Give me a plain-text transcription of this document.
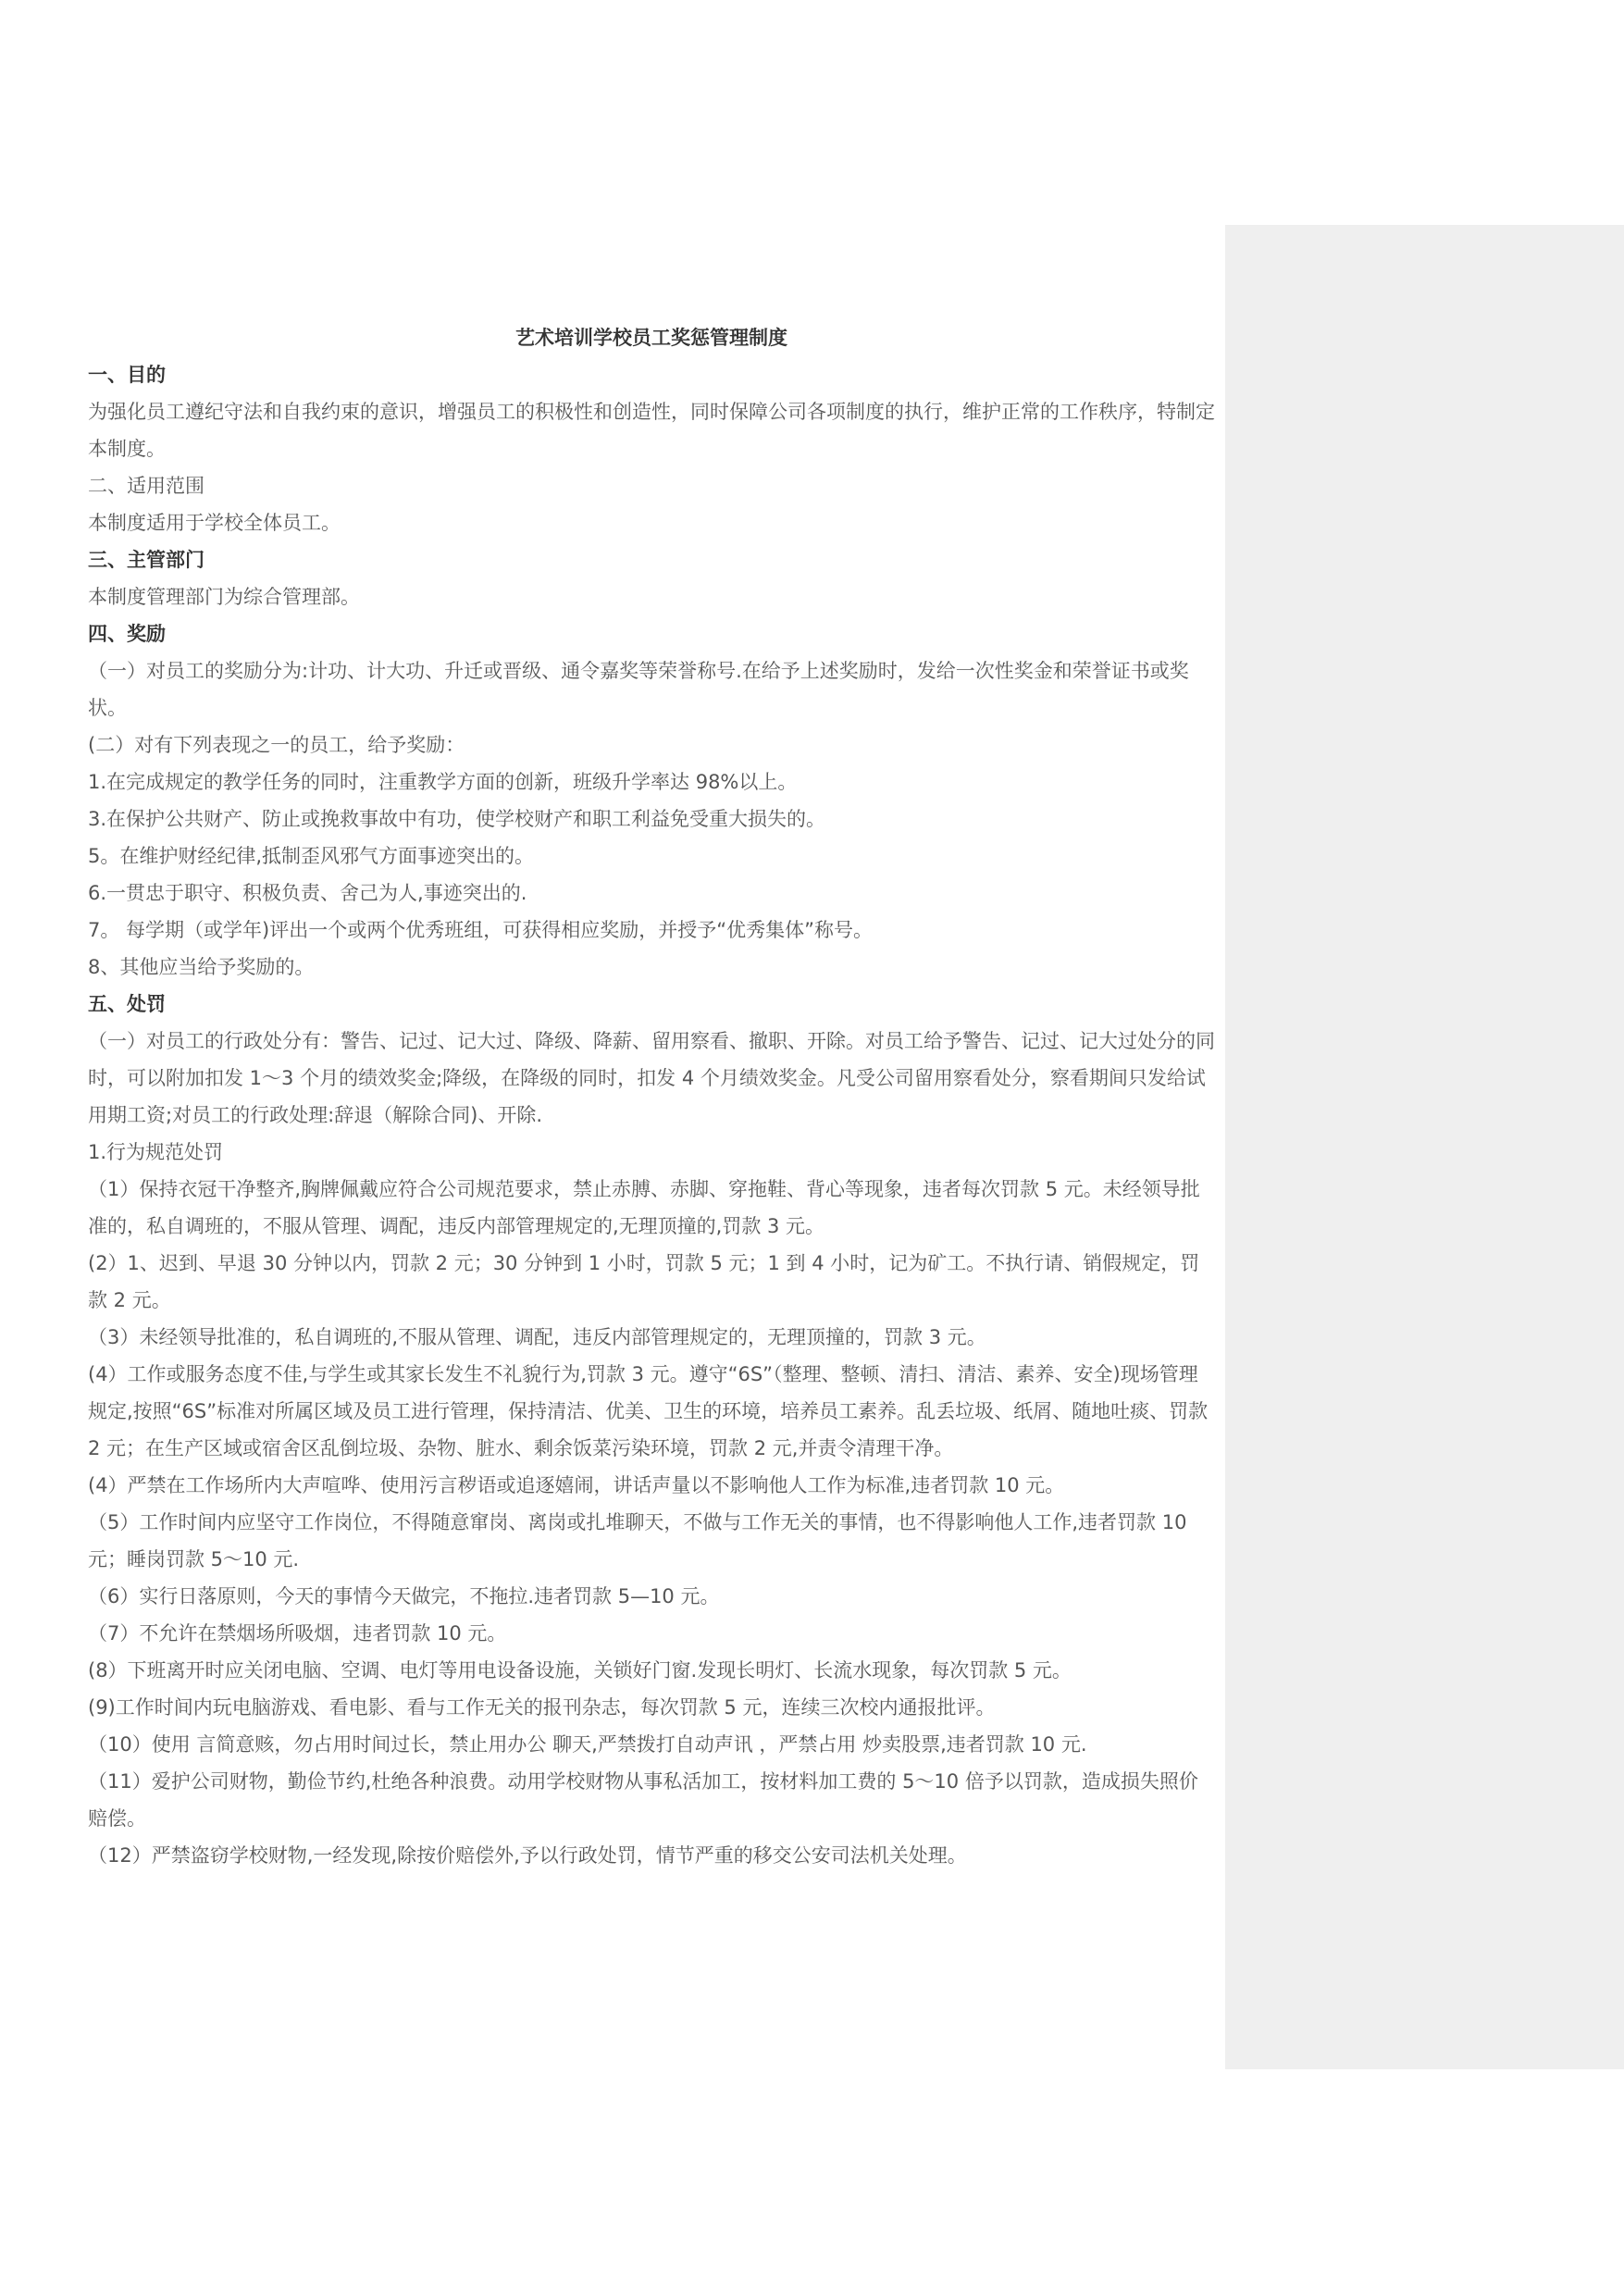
艺术培训学校员工奖惩管理制度

一、目的

为强化员工遵纪守法和自我约束的意识，增强员工的积极性和创造性，同时保障公司各项制度的执行，维护正常的工作秩序，特制定本制度。

二、适用范围

本制度适用于学校全体员工。

三、主管部门

本制度管理部门为综合管理部。

四、奖励

（一）对员工的奖励分为:计功、计大功、升迁或晋级、通令嘉奖等荣誉称号.在给予上述奖励时，发给一次性奖金和荣誉证书或奖状。

(二）对有下列表现之一的员工，给予奖励：

1.在完成规定的教学任务的同时，注重教学方面的创新，班级升学率达 98%以上。

3.在保护公共财产、防止或挽救事故中有功，使学校财产和职工利益免受重大损失的。

5。在维护财经纪律,抵制歪风邪气方面事迹突出的。

6.一贯忠于职守、积极负责、舍己为人,事迹突出的.

7。 每学期（或学年)评出一个或两个优秀班组，可获得相应奖励，并授予“优秀集体”称号。

8、其他应当给予奖励的。

五、处罚

（一）对员工的行政处分有：警告、记过、记大过、降级、降薪、留用察看、撤职、开除。对员工给予警告、记过、记大过处分的同时，可以附加扣发 1～3 个月的绩效奖金;降级，在降级的同时，扣发 4 个月绩效奖金。凡受公司留用察看处分，察看期间只发给试用期工资;对员工的行政处理:辞退（解除合同)、开除.

1.行为规范处罚

（1）保持衣冠干净整齐,胸牌佩戴应符合公司规范要求，禁止赤膊、赤脚、穿拖鞋、背心等现象，违者每次罚款 5 元。未经领导批准的，私自调班的，不服从管理、调配，违反内部管理规定的,无理顶撞的,罚款 3 元。

(2）1、迟到、早退 30 分钟以内，罚款 2 元；30 分钟到 1 小时，罚款 5 元；1 到 4 小时，记为矿工。不执行请、销假规定，罚款 2 元。

（3）未经领导批准的，私自调班的,不服从管理、调配，违反内部管理规定的，无理顶撞的，罚款 3 元。

(4）工作或服务态度不佳,与学生或其家长发生不礼貌行为,罚款 3 元。遵守“6S”（整理、整顿、清扫、清洁、素养、安全)现场管理规定,按照“6S”标准对所属区域及员工进行管理，保持清洁、优美、卫生的环境，培养员工素养。乱丢垃圾、纸屑、随地吐痰、罚款 2 元；在生产区域或宿舍区乱倒垃圾、杂物、脏水、剩余饭菜污染环境，罚款 2 元,并责令清理干净。

(4）严禁在工作场所内大声喧哗、使用污言秽语或追逐嬉闹，讲话声量以不影响他人工作为标准,违者罚款 10 元。

（5）工作时间内应坚守工作岗位，不得随意窜岗、离岗或扎堆聊天，不做与工作无关的事情，也不得影响他人工作,违者罚款 10 元；睡岗罚款 5～10 元.

（6）实行日落原则，今天的事情今天做完，不拖拉.违者罚款 5—10 元。

（7）不允许在禁烟场所吸烟，违者罚款 10 元。

(8）下班离开时应关闭电脑、空调、电灯等用电设备设施，关锁好门窗.发现长明灯、长流水现象，每次罚款 5 元。

(9)工作时间内玩电脑游戏、看电影、看与工作无关的报刊杂志，每次罚款 5 元，连续三次校内通报批评。

（10）使用 言简意赅，勿占用时间过长，禁止用办公 聊天,严禁拨打自动声讯 ，严禁占用 炒卖股票,违者罚款 10 元.

（11）爱护公司财物，勤俭节约,杜绝各种浪费。动用学校财物从事私活加工，按材料加工费的 5～10 倍予以罚款，造成损失照价赔偿。

（12）严禁盗窃学校财物,一经发现,除按价赔偿外,予以行政处罚，情节严重的移交公安司法机关处理。
